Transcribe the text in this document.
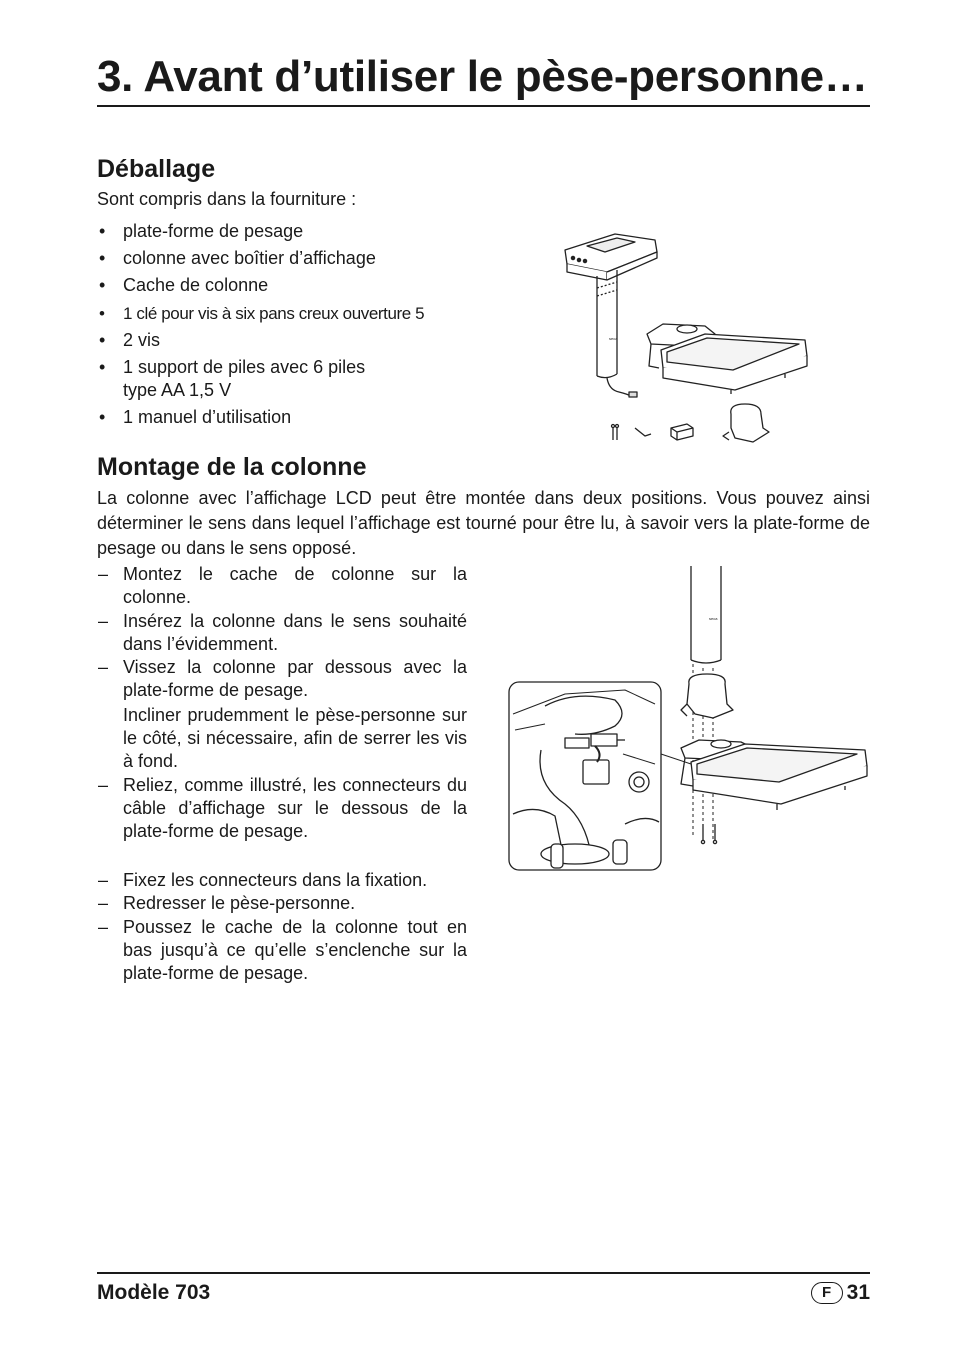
3. Avant d’utiliser le pèse-personne…
Déballage
Sont compris dans la fourniture :
• plate-forme de pesage
• colonne avec boîtier d’affichage
• Cache de colonne
• 1 clé pour vis à six pans creux ouverture 5
• 2 vis
• 1 support de piles avec 6 piles
type AA 1,5 V
• 1 manuel d’utilisation
seca
Montage de la colonne
La colonne avec l’affichage LCD peut être montée dans deux positions. Vous pouvez ainsi déterminer le sens dans lequel l’affichage est tourné pour être lu, à savoir vers la plate-forme de pesage ou dans le sens opposé.
– Montez le cache de colonne sur la colonne.
– Insérez la colonne dans le sens souhaité dans l’évidemment.
– Vissez la colonne par dessous avec la plate-forme de pesage.
Incliner prudemment le pèse-personne sur le côté, si nécessaire, afin de serrer les vis à fond.
– Reliez, comme illustré, les connecteurs du câble d’affichage sur le dessous de la plate-forme de pesage.
– Fixez les connecteurs dans la fixation.
– Redresser le pèse-personne.
– Poussez le cache de la colonne tout en bas jusqu’à ce qu’elle s’enclenche sur la plate-forme de pesage.
seca
Modèle 703	F 31
